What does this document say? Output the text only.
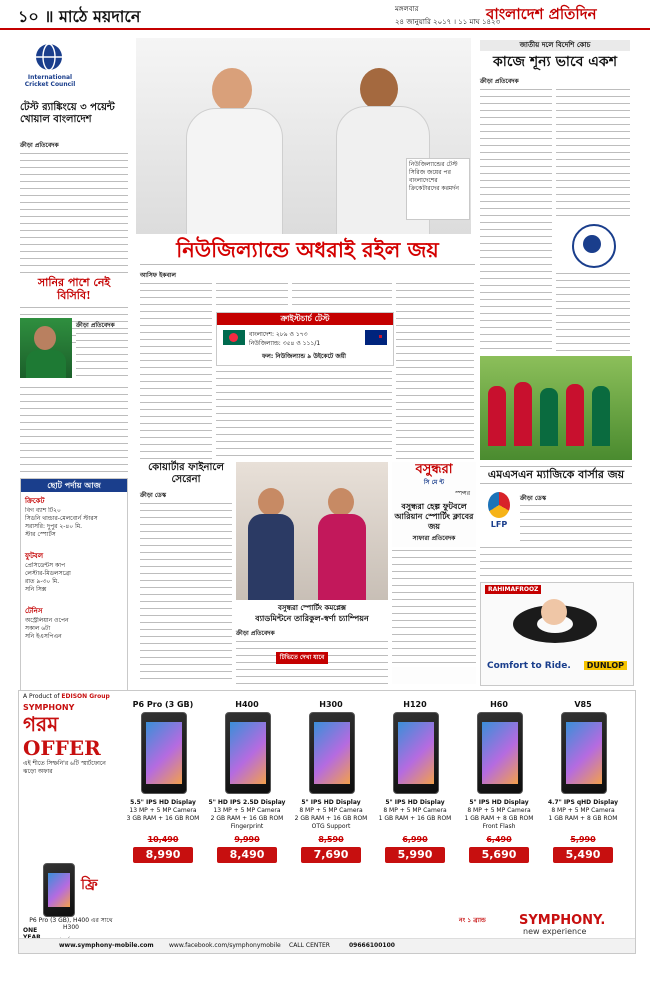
১০ ॥ মাঠে ময়দানে	মঙ্গলবার
২৪ জানুয়ারি ২০১৭ । ১১ মাঘ ১৪২৩
বাংলাদেশ প্রতিদিন
International Cricket Council
টেস্ট র‍্যাঙ্কিংয়ে ৩ পয়েন্ট খোয়াল বাংলাদেশ
ক্রীড়া প্রতিবেদক
সানির পাশে নেই বিসিবি!
ক্রীড়া প্রতিবেদক
ছোট পর্দায় আজ
ক্রিকেট
বিগ ব্যাশ টি২০
সিডনি থান্ডার-মেলবোর্ন স্টারস
সরাসরি: দুপুর ২-৪০ মি.
স্টার স্পোর্টস
ফুটবল
প্রেসিডেন্টস কাপ
লেস্টার-মিডলসব্রো
রাত ৯-৩০ মি.
সনি সিক্স
টেনিস
অস্ট্রেলিয়ান ওপেন
সকাল ৬টা
সনি ইএসপিএন
নিউজিল্যান্ডের টেস্ট সিরিজ জয়ের পর বাংলাদেশের ক্রিকেটারদের করমর্দন
নিউজিল্যান্ডে অধরাই রইল জয়
আসিফ ইকবাল
ক্রাইস্টচার্চ টেস্ট
বাংলাদেশ: ২৮৯ ও ১৭৩
নিউজিল্যান্ড: ৩৫৪ ও ১১১/1
ফল: নিউজিল্যান্ড ৯ উইকেটে জয়ী
কোয়ার্টার ফাইনালে সেরেনা
ক্রীড়া ডেস্ক
বসুন্ধরা স্পোর্টিং কমপ্লেক্স
ব্যাডমিন্টনে তারিকুল-স্বর্ণা চ্যাম্পিয়ন
ক্রীড়া প্রতিবেদক
টিভিতে দেখা যাবে
বসুন্ধরা
সি মে ন্ট
স্পন্সর
বসুন্ধরা হেল্প ফুটবলে আরিয়ান স্পোর্টিং ক্লাবের জয়
সাফারা প্রতিবেদক
জাতীয় দলে বিদেশি কোচ
কাজে শূন্য ভাবে একশ
ক্রীড়া প্রতিবেদক
এমএসএন ম্যাজিকে বার্সার জয়
LFP
ক্রীড়া ডেস্ক
RAHIMAFROOZ
Comfort to Ride.	DUNLOP
A Product of EDISON Group
SYMPHONY
গরম OFFER
এই শীতে সিম্ফনি'র ৬টি স্মার্টফোনে ঝড়ো অফার
P6 Pro (3 GB), H400 এর সাথে H300
ফ্রি
P6 Pro (3 GB)
5.5" IPS HD Display
13 MP + 5 MP Camera
3 GB RAM + 16 GB ROM
10,490
8,990
H400
5" HD IPS 2.5D Display
13 MP + 5 MP Camera
2 GB RAM + 16 GB ROM
Fingerprint
9,990
8,490
H300
5" IPS HD Display
8 MP + 5 MP Camera
2 GB RAM + 16 GB ROM
OTG Support
8,590
7,690
H120
5" IPS HD Display
8 MP + 5 MP Camera
1 GB RAM + 16 GB ROM
6,990
5,990
H60
5" IPS HD Display
8 MP + 5 MP Camera
1 GB RAM + 8 GB ROM
Front Flash
6,490
5,690
V85
4.7" IPS qHD Display
8 MP + 5 MP Camera
1 GB RAM + 8 GB ROM
5,990
5,490
ONE
www.symphony-mobile.com	www.facebook.com/symphonymobile CALL CENTER	09666100100
নং ১ ব্র্যান্ড	SYMPHONY.
new experience
